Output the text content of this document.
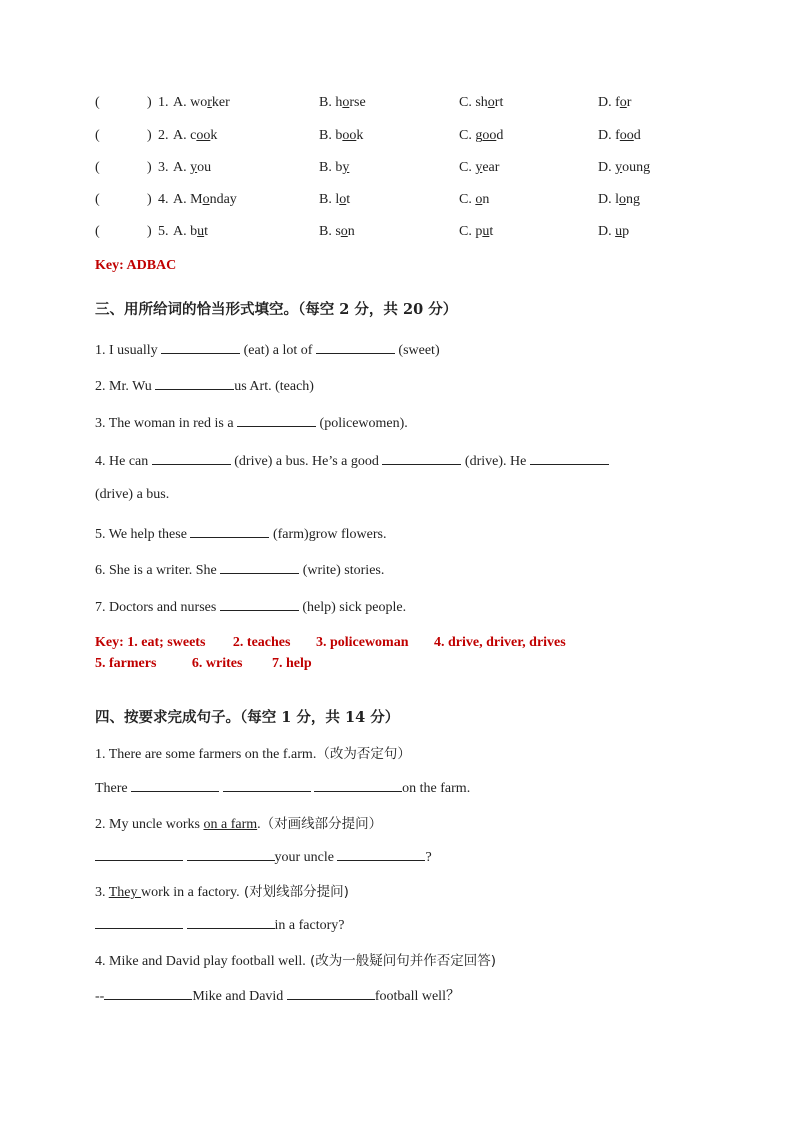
(	) 1. A. worker	B. horse	C. short	D. for
(	) 2. A. cook	B. book	C. good	D. food
(	) 3. A. you	B. by	C. year	D. young
(	) 4. A. Monday	B. lot	C. on	D. long
(	) 5. A. but	B. son	C. put	D. up
Key: ADBAC
三、用所给词的恰当形式填空。（每空 2 分，共 20 分）
1. I usually	(eat) a lot of	(sweet)
2. Mr. Wu	us Art. (teach)
3. The woman in red is a	(policewomen).
4. He can	(drive) a bus. He’s a good	(drive). He
(drive) a bus.
5. We help these	(farm)grow flowers.
6. She is a writer. She	(write) stories.
7. Doctors and nurses	(help) sick people.
Key: 1. eat; sweets 2. teaches 3. policewoman 4. drive, driver, drives
5. farmers	6. writes 7. help
四、按要求完成句子。（每空 1 分，共 14 分）
1. There are some farmers on the f.arm.（改为否定句）
There	on the farm.
2. My uncle works on a farm.（对画线部分提问）
your uncle	?
3. They work in a factory. (对划线部分提问)
in a factory?
4. Mike and David play football well. (改为一般疑问句并作否定回答)
--	Mike and David	football well？
